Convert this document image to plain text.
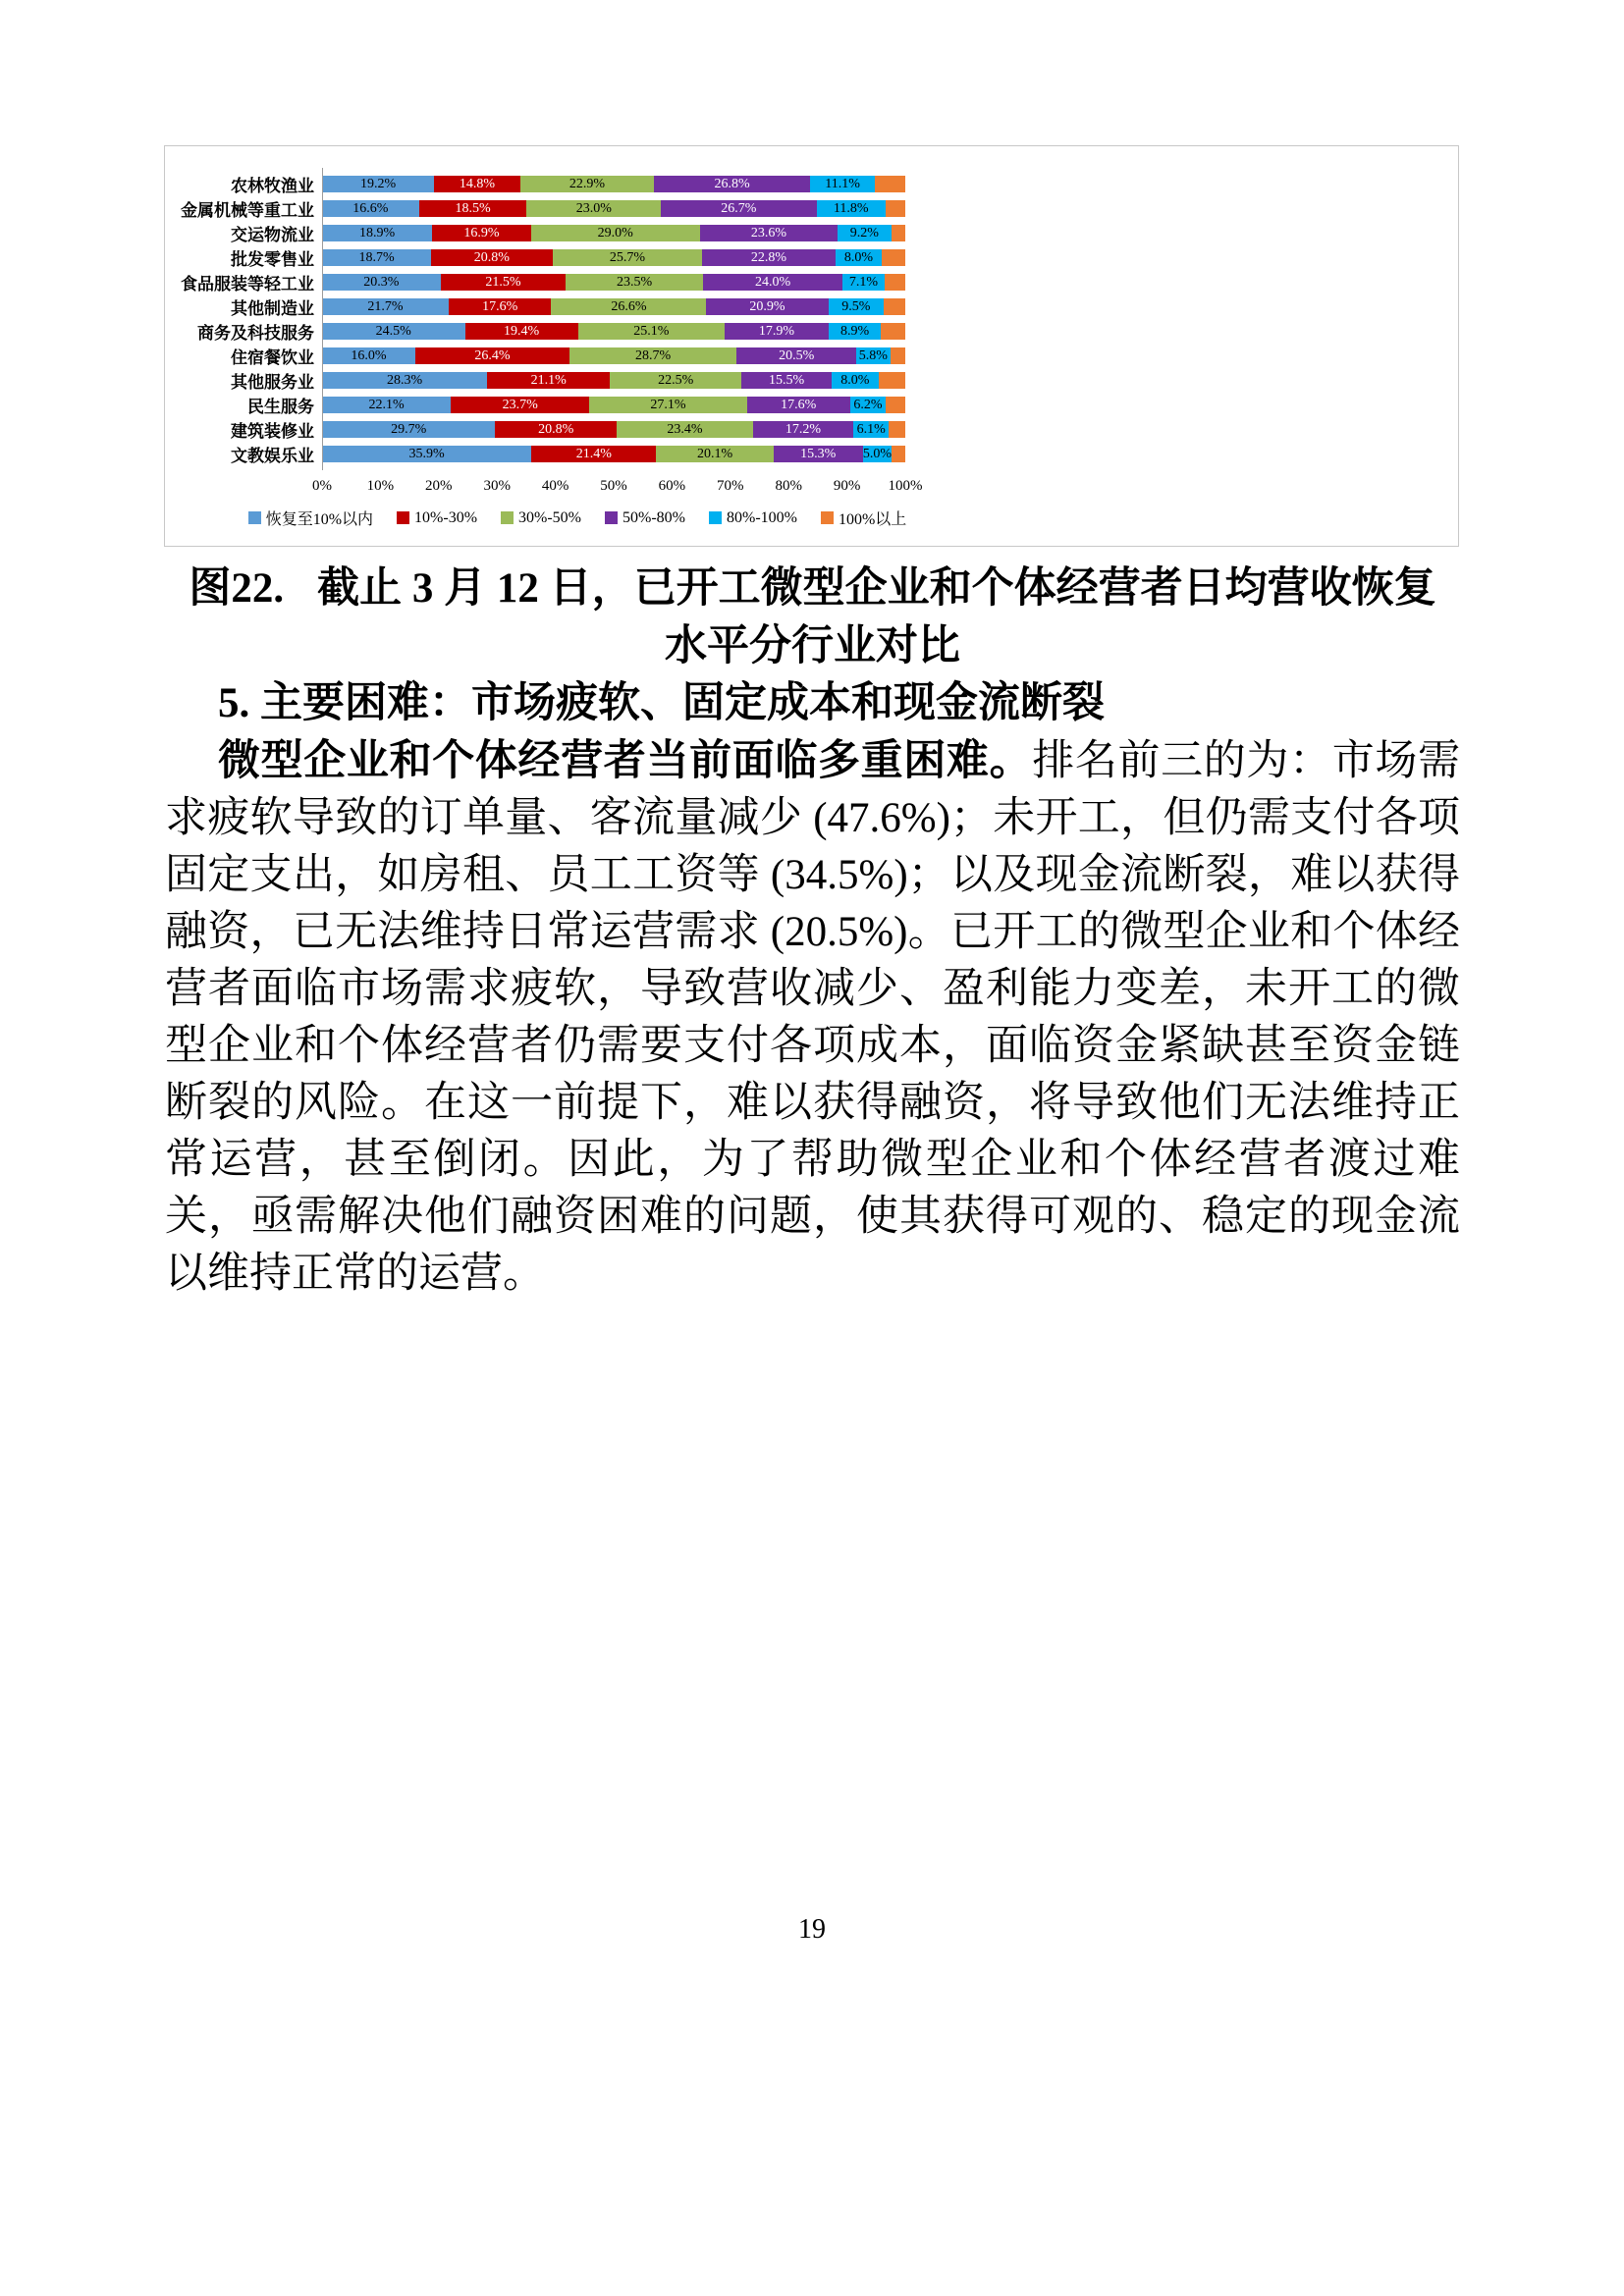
农林牧渔业	19.2%	14.8%	22.9%	26.8%	11.1%
金属机械等重工业	16.6%	18.5%	23.0%	26.7%	11.8%
交运物流业	18.9%	16.9%	29.0%	23.6%	9.2%
批发零售业	18.7%	20.8%	25.7%	22.8%	8.0%
食品服装等轻工业	20.3%	21.5%	23.5%	24.0%	7.1%
其他制造业	21.7%	17.6%	26.6%	20.9%	9.5%
商务及科技服务	24.5%	19.4%	25.1%	17.9%	8.9%
住宿餐饮业	16.0%	26.4%	28.7%	20.5%	5.8%
其他服务业	28.3%	21.1%	22.5%	15.5%	8.0%
民生服务	22.1%	23.7%	27.1%	17.6%	6.2%
建筑装修业	29.7%	20.8%	23.4%	17.2%	6.1%
文教娱乐业	35.9%	21.4%	20.1%	15.3%	5.0%
0% 10% 20% 30% 40% 50% 60% 70% 80% 90% 100%
恢复至10%以内	10%-30%	30%-50%	50%-80%	80%-100%	100%以上
图22. 截止 3 月 12 日，已开工微型企业和个体经营者日均营收恢复
水平分行业对比
5. 主要困难：市场疲软、固定成本和现金流断裂

微型企业和个体经营者当前面临多重困难。排名前三的为：市场需求疲软导致的订单量、客流量减少 (47.6%)；未开工，但仍需支付各项固定支出，如房租、员工工资等 (34.5%)；以及现金流断裂，难以获得融资，已无法维持日常运营需求 (20.5%)。已开工的微型企业和个体经营者面临市场需求疲软，导致营收减少、盈利能力变差，未开工的微型企业和个体经营者仍需要支付各项成本，面临资金紧缺甚至资金链断裂的风险。在这一前提下，难以获得融资，将导致他们无法维持正常运营，甚至倒闭。因此，为了帮助微型企业和个体经营者渡过难关，亟需解决他们融资困难的问题，使其获得可观的、稳定的现金流以维持正常的运营。

19
